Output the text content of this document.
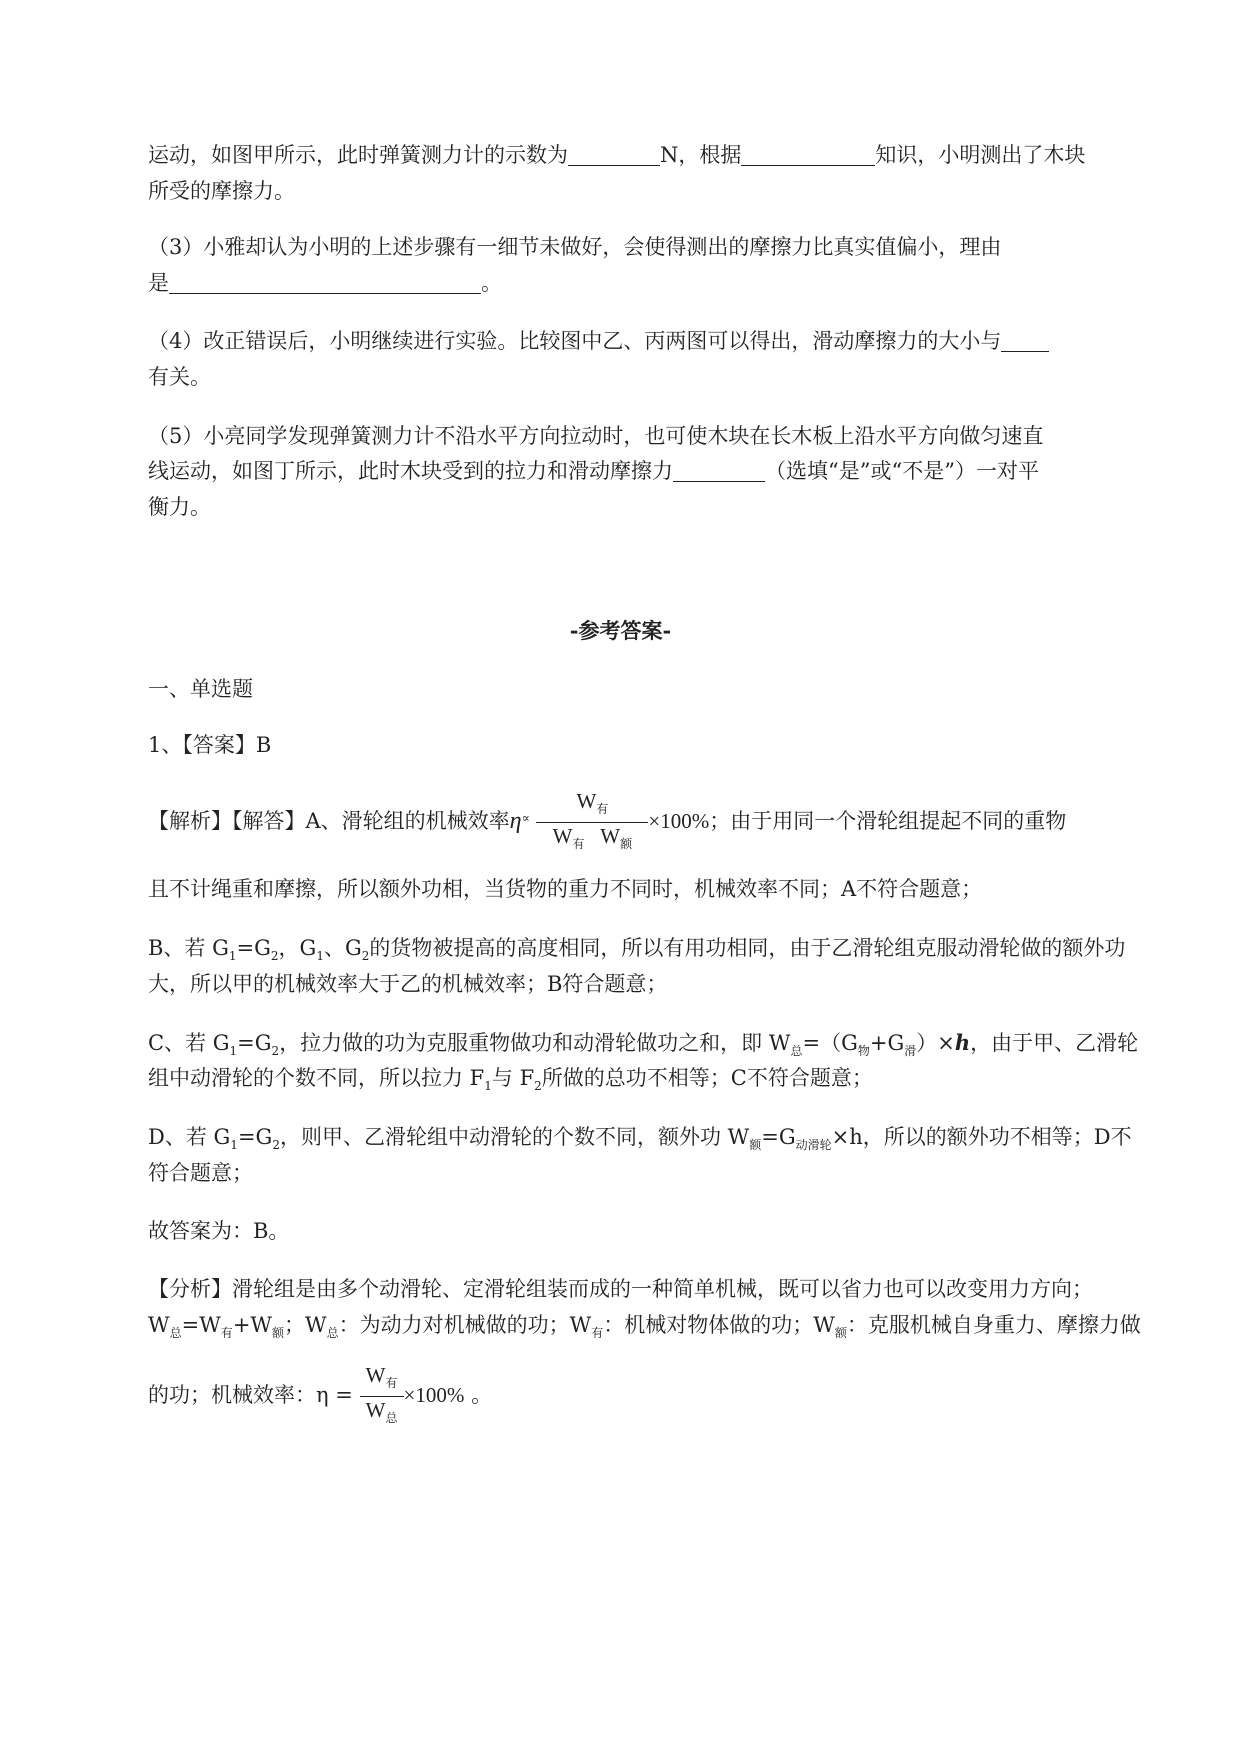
运动，如图甲所示，此时弹簧测力计的示数为	N，根据	知识，小明测出了木块
所受的摩擦力。
（3）小雅却认为小明的上述步骤有一细节未做好，会使得测出的摩擦力比真实值偏小，理由
是	。
（4）改正错误后，小明继续进行实验。比较图中乙、丙两图可以得出，滑动摩擦力的大小与
有关。
（5）小亮同学发现弹簧测力计不沿水平方向拉动时，也可使木块在长木板上沿水平方向做匀速直
线运动，如图丁所示，此时木块受到的拉力和滑动摩擦力	（选填“是”或“不是”）一对平
衡力。
-参考答案-
一、单选题
1、【答案】B
【解析】【解答】A、滑轮组的机械效率$\eta^\propto \frac{W_有}{W_有 W_额} \times 100\%$；由于用同一个滑轮组提起不同的重物
且不计绳重和摩擦，所以额外功相，当货物的重力不同时，机械效率不同；A不符合题意；
B、若 $G_1=G_2$，$G_1$、$G_2$的货物被提高的高度相同，所以有用功相同，由于乙滑轮组克服动滑轮做的额外功
大，所以甲的机械效率大于乙的机械效率；B符合题意；
C、若 $G_1=G_2$，拉力做的功为克服重物做功和动滑轮做功之和，即 $W_总=(G_物+G_滑)\times h$，由于甲、乙滑轮
组中动滑轮的个数不同，所以拉力 $F_1$与 $F_2$所做的总功不相等；C不符合题意；
D、若 $G_1=G_2$，则甲、乙滑轮组中动滑轮的个数不同，额外功 $W_额=G_{动滑轮}\times h$，所以的额外功不相等；D不
符合题意；
故答案为：B。
【分析】滑轮组是由多个动滑轮、定滑轮组装而成的一种简单机械，既可以省力也可以改变用力方向；
$W_总=W_有+W_额$；$W_总$：为动力对机械做的功；$W_有$：机械对物体做的功；$W_额$：克服机械自身重力、摩擦力做
的功；机械效率：$\eta = \frac{W_有}{W_总} \times 100\%$ 。
